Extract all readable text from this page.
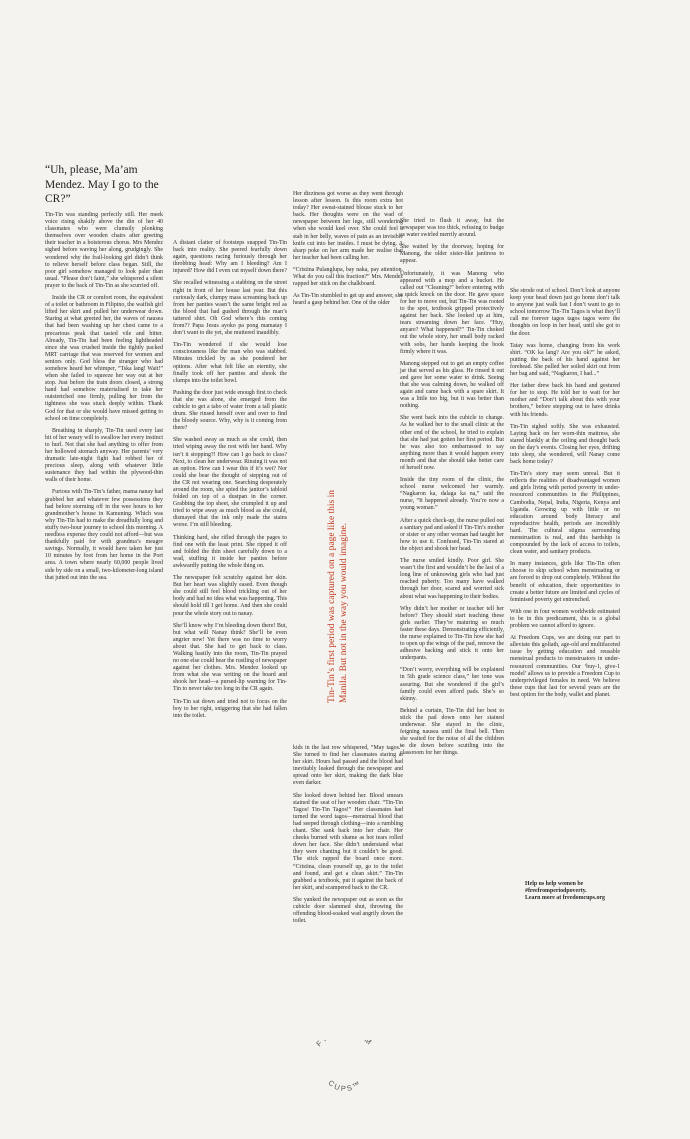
“Uh, please, Ma’am Mendez. May I go to the CR?”

Tin-Tin was standing perfectly still. Her meek voice rising shakily above the din of her 40 classmates who were clumsily plonking themselves over wooden chairs after greeting their teacher in a boisterous chorus. Mrs Mendez sighed before waving her along, grudgingly. She wondered why the frail-looking girl didn’t think to relieve herself before class began. Still, the poor girl somehow managed to look paler than usual. “Please don’t faint,” she whispered a silent prayer to the back of Tin-Tin as she scurried off.

Inside the CR or comfort room, the equivalent of a toilet or bathroom in Filipino, the waifish girl lifted her skirt and pulled her underwear down. Staring at what greeted her, the waves of nausea that had been washing up her chest came to a precarious peak that tasted vile and bitter. Already, Tin-Tin had been feeling lightheaded since she was crushed inside the tightly packed MRT carriage that was reserved for women and seniors only. God bless the stranger who had somehow heard her whimper, “Tska lang! Wait!” when she failed to squeeze her way out at her stop. Just before the train doors closed, a strong hand had somehow materialised to take her outstretched one firmly, pulling her from the tightness she was stuck deeply within. Thank God for that or she would have missed getting to school on time completely.

Breathing in sharply, Tin-Tin used every last bit of her weary will to swallow her every instinct to hurl. Not that she had anything to offer from her hollowed stomach anyway. Her parents’ very dramatic late-night fight had robbed her of precious sleep, along with whatever little sustenance they had within the plywood-thin walls of their home.

Furious with Tin-Tin’s father, mama nanay had grabbed her and whatever few possessions they had before storming off in the wee hours to her grandmother’s house in Kamuning. Which was why Tin-Tin had to make the dreadfully long and stuffy two-hour journey to school this morning. A needless expense they could not afford—but was thankfully paid for with grandma’s meagre savings. Normally, it would have taken her just 10 minutes by foot from her home in the Port area. A town where nearly 60,000 people lived side by side on a small, two-kilometer-long island that jutted out into the sea.

A distant clatter of footsteps snapped Tin-Tin back into reality. She peered fearfully down again, questions racing furiously through her throbbing head: Why am I bleeding? Am I injured? How did I even cut myself down there?

She recalled witnessing a stabbing on the street right in front of her house last year. But this curiously dark, clumpy mass screaming back up from her panties wasn’t the same bright red as the blood that had gushed through the man’s tattered shirt. Oh God where’s this coming from?? Papa Jesus ayoko pa pong mamatay I don’t want to die yet, she muttered inaudibly.

Tin-Tin wondered if she would lose consciousness like the man who was stabbed. Minutes trickled by as she pondered her options. After what felt like an eternity, she finally took off her panties and shook the clumps into the toilet bowl.

Pushing the door just wide enough first to check that she was alone, she emerged from the cubicle to get a tabo of water from a tall plastic drum. She rinsed herself over and over to find the bloody source. Why, why is it coming from there?

She washed away as much as she could, then tried wiping away the rest with her hand. Why isn’t it stopping?! How can I go back to class? Next, to clean her underwear. Rinsing it was not an option. How can I wear this if it’s wet? Nor could she bear the thought of stepping out of the CR not wearing one. Searching desperately around the room, she spied the janitor’s tabloid folded on top of a dustpan in the corner. Grabbing the top sheet, she crumpled it up and tried to wipe away as much blood as she could, dismayed that the ink only made the stains worse. I’m still bleeding.

Thinking hard, she rifled through the pages to find one with the least print. She ripped it off and folded the thin sheet carefully down to a wad, stuffing it inside her panties before awkwardly putting the whole thing on.

The newspaper felt scratchy against her skin. But her heart was slightly eased. Even though she could still feel blood trickling out of her body and had no idea what was happening. This should hold till I get home. And then she could pour the whole story out to nanay.

She’ll know why I’m bleeding down there! But, but what will Nanay think? She’ll be even angrier now! Yet there was no time to worry about that. She had to get back to class. Walking hastily into the room, Tin-Tin prayed no one else could hear the rustling of newspaper against her clothes. Mrs. Mendez looked up from what she was writing on the board and shook her head—a pursed-lip warning for Tin-Tin to never take too long in the CR again.

Tin-Tin sat down and tried not to focus on the boy to her right, sniggering that she had fallen into the toilet.

Her dizziness got worse as they went through lesson after lesson. Is this room extra hot today? Her sweat-stained blouse stuck to her back. Her thoughts were on the wad of newspaper between her legs, still wondering when she would keel over. She could feel a stab in her belly, waves of pain as an invisible knife cut into her insides. I must be dying. A sharp poke on her arm made her realise that her teacher had been calling her.

“Cristina Pulanglupa, bay naka, pay attention. What do you call this fraction?” Mrs. Mendez rapped her stick on the chalkboard.

As Tin-Tin stumbled to get up and answer, she heard a gasp behind her. One of the older

kids in the last row whispered, “May tagos.” She turned to find her classmates staring at her skirt. Hours had passed and the blood had inevitably leaked through the newspaper and spread onto her skirt, making the dark blue even darker.

She looked down behind her. Blood smears stained the seat of her wooden chair. “Tin-Tin Tagos! Tin-Tin Tagos!” Her classmates had turned the word tagos—menstrual blood that had seeped through clothing—into a rumbling chant. She sank back into her chair. Her cheeks burned with shame as hot tears rolled down her face. She didn’t understand what they were chanting but it couldn’t be good. The stick rapped the board once more. “Cristina, clean yourself up, go to the toilet and found, and get a clean skirt.” Tin-Tin grabbed a textbook, put it against the back of her skirt, and scampered back to the CR.

She yanked the newspaper out as soon as the cubicle door slammed shut, throwing the offending blood-soaked wad angrily down the toilet.

She tried to flush it away, but the newspaper was too thick, refusing to budge as water swirled merrily around.

She waited by the doorway, hoping for Manong, the older sister-like janitress to appear.

Unfortunately, it was Manong who appeared with a mop and a bucket. He called out “Cleaning!” before entering with a quick knock on the door. He gave space for her to move out, but Tin-Tin was rooted to the spot, textbook gripped protectively against her back. She looked up at him, tears streaming down her face. “Huy, anyare? What happened?” Tin-Tin choked out the whole story, her small body racked with sobs, her hands keeping the book firmly where it was.

Manong stepped out to get an empty coffee jar that served as his glass. He rinsed it out and gave her some water to drink. Seeing that she was calming down, he walked off again and came back with a spare skirt. It was a little too big, but it was better than nothing.

She went back into the cubicle to change. As he walked her to the small clinic at the other end of the school, he tried to explain that she had just gotten her first period. But he was also too embarrassed to say anything more than it would happen every month and that she should take better care of herself now.

Inside the tiny room of the clinic, the school nurse welcomed her warmly. “Nagkaron ka, dalaga ka na,” said the nurse, “It happened already. You’re now a young woman.”

After a quick check-up, the nurse pulled out a sanitary pad and asked if Tin-Tin’s mother or sister or any other woman had taught her how to use it. Confused, Tin-Tin stared at the object and shook her head.

The nurse smiled kindly. Poor girl. She wasn’t the first and wouldn’t be the last of a long line of unknowing girls who had just reached puberty. Too many have walked through her door, scared and worried sick about what was happening to their bodies.

Why didn’t her mother or teacher tell her before? They should start teaching these girls earlier. They’re maturing so much faster these days. Demonstrating efficiently, the nurse explained to Tin-Tin how she had to open up the wings of the pad, remove the adhesive backing and stick it onto her underpants.

“Don’t worry, everything will be explained in 5th grade science class,” her tone was assuring. But she wondered if the girl’s family could even afford pads. She’s so skinny.

Behind a curtain, Tin-Tin did her best to stick the pad down onto her stained underwear. She stayed in the clinic, feigning nausea until the final bell. Then she waited for the noise of all the children to die down before scuttling into the classroom for her things.

She strode out of school. Don’t look at anyone keep your head down just go home don’t talk to anyone just walk fast I don’t want to go to school tomorrow Tin-Tin Tagos is what they’ll call me forever tagos tagos tagos were the thoughts on loop in her head, until she got to the door.

Tatay was home, changing from his work shirt. “OK ka lang? Are you ok?” he asked, putting the back of his hand against her forehead. She pulled her soiled skirt out from her bag and said, “Nagkaron, I had...”

Her father drew back his hand and gestured for her to stop. He told her to wait for her mother and “Don’t talk about this with your brothers,” before stepping out to have drinks with his friends.

Tin-Tin sighed softly. She was exhausted. Laying back on her worn-thin mattress, she stared blankly at the ceiling and thought back on the day’s events. Closing her eyes, drifting into sleep, she wondered, will Nanay come back home today?

Tin-Tin’s story may seem unreal. But it reflects the realities of disadvantaged women and girls living with period poverty in under-resourced communities in the Philippines, Cambodia, Nepal, India, Nigeria, Kenya and Uganda. Growing up with little or no education around body literacy and reproductive health, periods are incredibly hard. The cultural stigma surrounding menstruation is real, and this hardship is compounded by the lack of access to toilets, clean water, and sanitary products.

In many instances, girls like Tin-Tin often choose to skip school when menstruating or are forced to drop out completely. Without the benefit of education, their opportunities to create a better future are limited and cycles of feminised poverty get entrenched.

With one in four women worldwide estimated to be in this predicament, this is a global problem we cannot afford to ignore.

At Freedom Cups, we are doing our part to alleviate this goliath, age-old and multifaceted issue by getting education and reusable menstrual products to menstruators in under-resourced communities. Our ‘buy-1, give-1 model’ allows us to provide a Freedom Cup to underprivileged females in need. We believe these cups that last for several years are the best option for the body, wallet and planet.

Tin-Tin’s first period was captured on a page like this in Manila. But not in the way you would imagine.
Help us help women be
#freefromperiodpoverty.
Learn more at freedomcups.org
F M
CUPS™
